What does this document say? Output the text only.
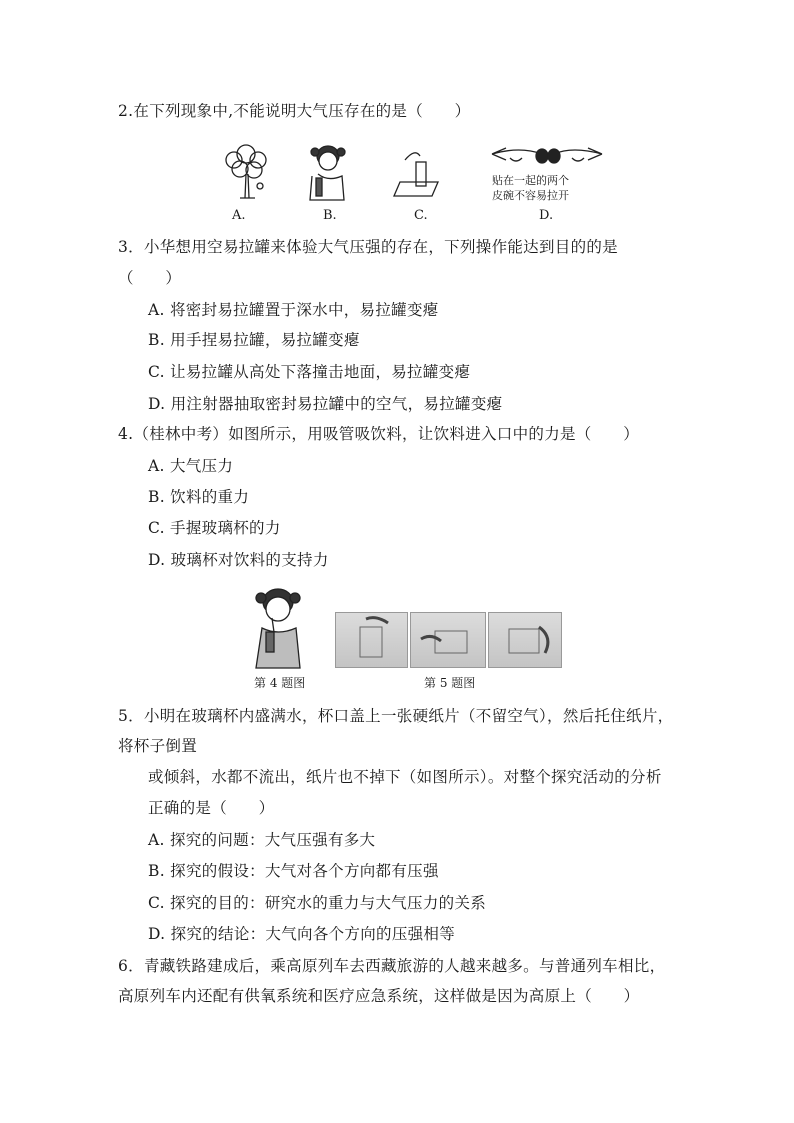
2.在下列现象中,不能说明大气压存在的是（　　）
贴在一起的两个
皮碗不容易拉开
A.	B.	C.	D.
3．小华想用空易拉罐来体验大气压强的存在，下列操作能达到目的的是
（　　）
A. 将密封易拉罐置于深水中，易拉罐变瘪
B. 用手捏易拉罐，易拉罐变瘪
C. 让易拉罐从高处下落撞击地面，易拉罐变瘪
D. 用注射器抽取密封易拉罐中的空气，易拉罐变瘪
4.（桂林中考）如图所示，用吸管吸饮料，让饮料进入口中的力是（　　）
A. 大气压力
B. 饮料的重力
C. 手握玻璃杯的力
D. 玻璃杯对饮料的支持力
第 4 题图	第 5 题图
5．小明在玻璃杯内盛满水，杯口盖上一张硬纸片（不留空气），然后托住纸片，
将杯子倒置
或倾斜，水都不流出，纸片也不掉下（如图所示）。对整个探究活动的分析
正确的是（　　）
A. 探究的问题：大气压强有多大
B. 探究的假设：大气对各个方向都有压强
C. 探究的目的：研究水的重力与大气压力的关系
D. 探究的结论：大气向各个方向的压强相等
6．青藏铁路建成后，乘高原列车去西藏旅游的人越来越多。与普通列车相比，
高原列车内还配有供氧系统和医疗应急系统，这样做是因为高原上（　　）
